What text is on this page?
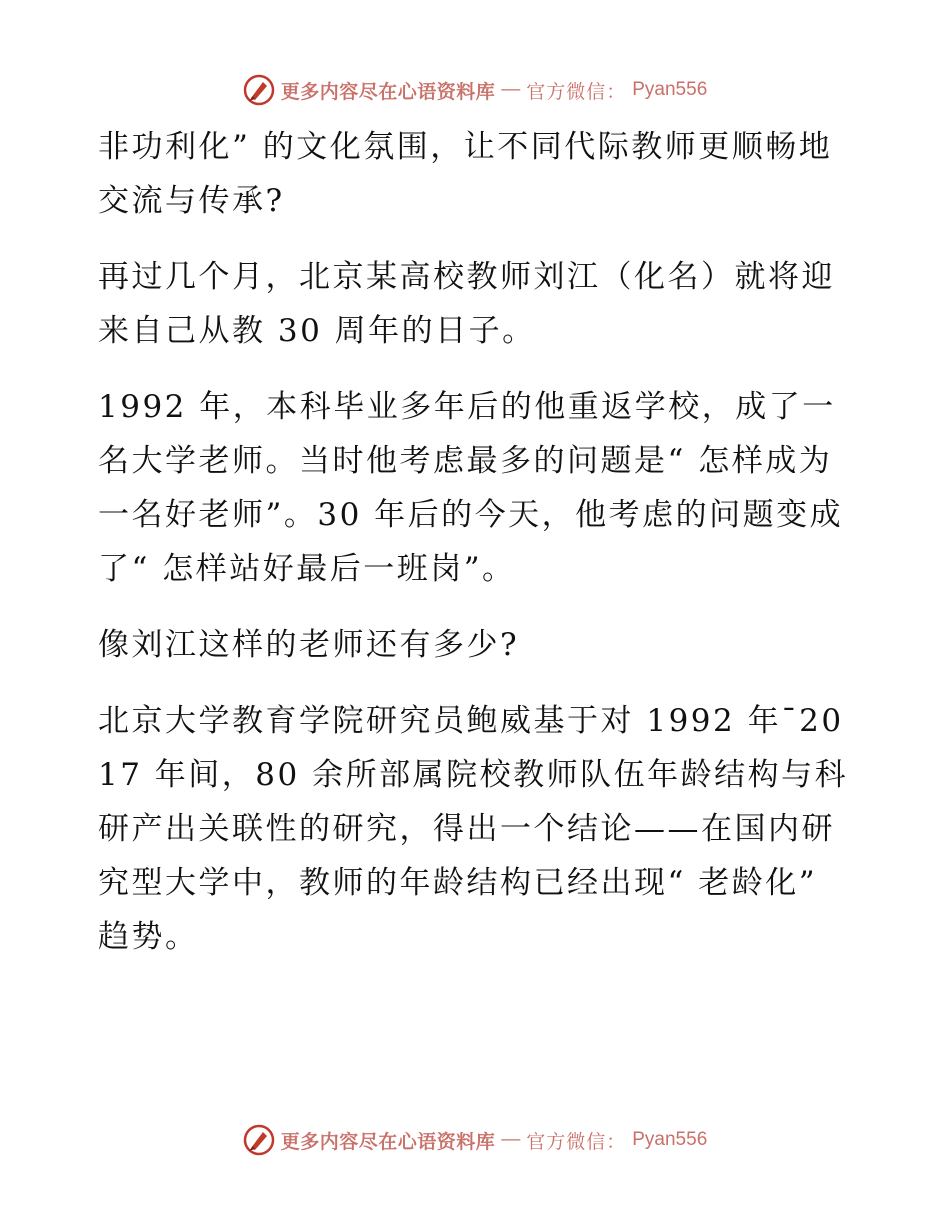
更多内容尽在心语资料库 — 官方微信： Pyan556

非功利化” 的文化氛围，让不同代际教师更顺畅地交流与传承?

再过几个月，北京某高校教师刘江（化名）就将迎来自己从教 30 周年的日子。

1992 年，本科毕业多年后的他重返学校，成了一名大学老师。当时他考虑最多的问题是“ 怎样成为一名好老师”。30 年后的今天，他考虑的问题变成了“ 怎样站好最后一班岗”。

像刘江这样的老师还有多少?

北京大学教育学院研究员鲍威基于对 1992 年¯2017 年间，80 余所部属院校教师队伍年龄结构与科研产出关联性的研究，得出一个结论——在国内研究型大学中，教师的年龄结构已经出现“ 老龄化” 趋势。

更多内容尽在心语资料库 — 官方微信： Pyan556
